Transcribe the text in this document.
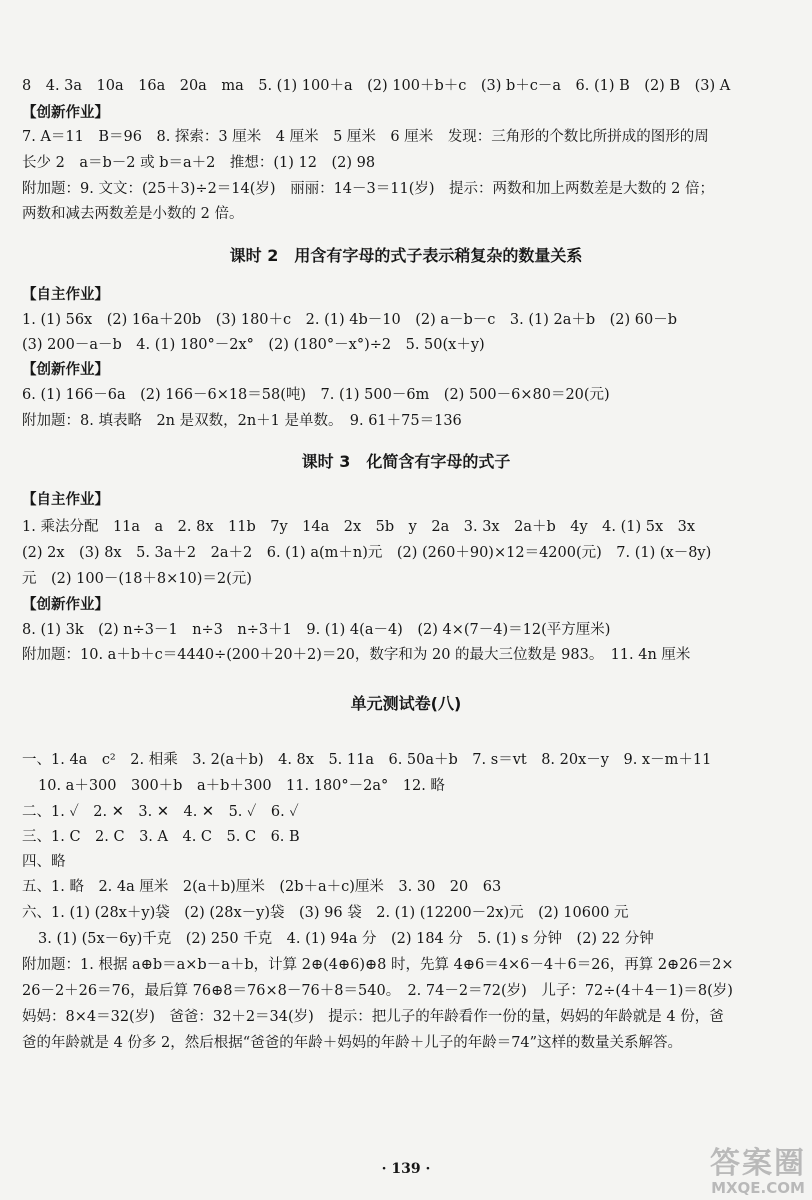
8　4. 3a　10a　16a　20a　ma　5. (1) 100＋a　(2) 100＋b＋c　(3) b＋c－a　6. (1) B　(2) B　(3) A
【创新作业】
7. A＝11　B＝96　8. 探索：3 厘米　4 厘米　5 厘米　6 厘米　发现：三角形的个数比所拼成的图形的周
长少 2　a＝b－2 或 b＝a＋2　推想：(1) 12　(2) 98
附加题：9. 文文：(25＋3)÷2＝14(岁)　丽丽：14－3＝11(岁)　提示：两数和加上两数差是大数的 2 倍；
两数和减去两数差是小数的 2 倍。
课时 2　用含有字母的式子表示稍复杂的数量关系
【自主作业】
1. (1) 56x　(2) 16a＋20b　(3) 180＋c　2. (1) 4b－10　(2) a－b－c　3. (1) 2a＋b　(2) 60－b
(3) 200－a－b　4. (1) 180°－2x°　(2) (180°－x°)÷2　5. 50(x＋y)
【创新作业】
6. (1) 166－6a　(2) 166－6×18＝58(吨)　7. (1) 500－6m　(2) 500－6×80＝20(元)
附加题：8. 填表略　2n 是双数，2n＋1 是单数。　9. 61＋75＝136
课时 3　化简含有字母的式子
【自主作业】
1. 乘法分配　11a　a　2. 8x　11b　7y　14a　2x　5b　y　2a　3. 3x　2a＋b　4y　4. (1) 5x　3x
(2) 2x　(3) 8x　5. 3a＋2　2a＋2　6. (1) a(m＋n)元　(2) (260＋90)×12＝4200(元)　7. (1) (x－8y)
元　(2) 100－(18＋8×10)＝2(元)
【创新作业】
8. (1) 3k　(2) n÷3－1　n÷3　n÷3＋1　9. (1) 4(a－4)　(2) 4×(7－4)＝12(平方厘米)
附加题：10. a＋b＋c＝4440÷(200＋20＋2)＝20，数字和为 20 的最大三位数是 983。　11. 4n 厘米
单元测试卷(八)
一、1. 4a　c²　2. 相乘　3. 2(a＋b)　4. 8x　5. 11a　6. 50a＋b　7. s＝vt　8. 20x－y　9. x－m＋11
10. a＋300　300＋b　a＋b＋300　11. 180°－2a°　12. 略
二、1. ✓　2. ✕　3. ✕　4. ✕　5. ✓　6. ✓
三、1. C　2. C　3. A　4. C　5. C　6. B
四、略
五、1. 略　2. 4a 厘米　2(a＋b)厘米　(2b＋a＋c)厘米　3. 30　20　63
六、1. (1) (28x＋y)袋　(2) (28x－y)袋　(3) 96 袋　2. (1) (12200－2x)元　(2) 10600 元
3. (1) (5x－6y)千克　(2) 250 千克　4. (1) 94a 分　(2) 184 分　5. (1) s 分钟　(2) 22 分钟
附加题：1. 根据 a⊕b＝a×b－a＋b，计算 2⊕(4⊕6)⊕8 时，先算 4⊕6＝4×6－4＋6＝26，再算 2⊕26＝2×
26－2＋26＝76，最后算 76⊕8＝76×8－76＋8＝540。　2. 74－2＝72(岁)　儿子：72÷(4＋4－1)＝8(岁)
妈妈：8×4＝32(岁)　爸爸：32＋2＝34(岁)　提示：把儿子的年龄看作一份的量，妈妈的年龄就是 4 份，爸
爸的年龄就是 4 份多 2，然后根据“爸爸的年龄＋妈妈的年龄＋儿子的年龄＝74”这样的数量关系解答。
· 139 ·	答案圈
MXQE.COM
